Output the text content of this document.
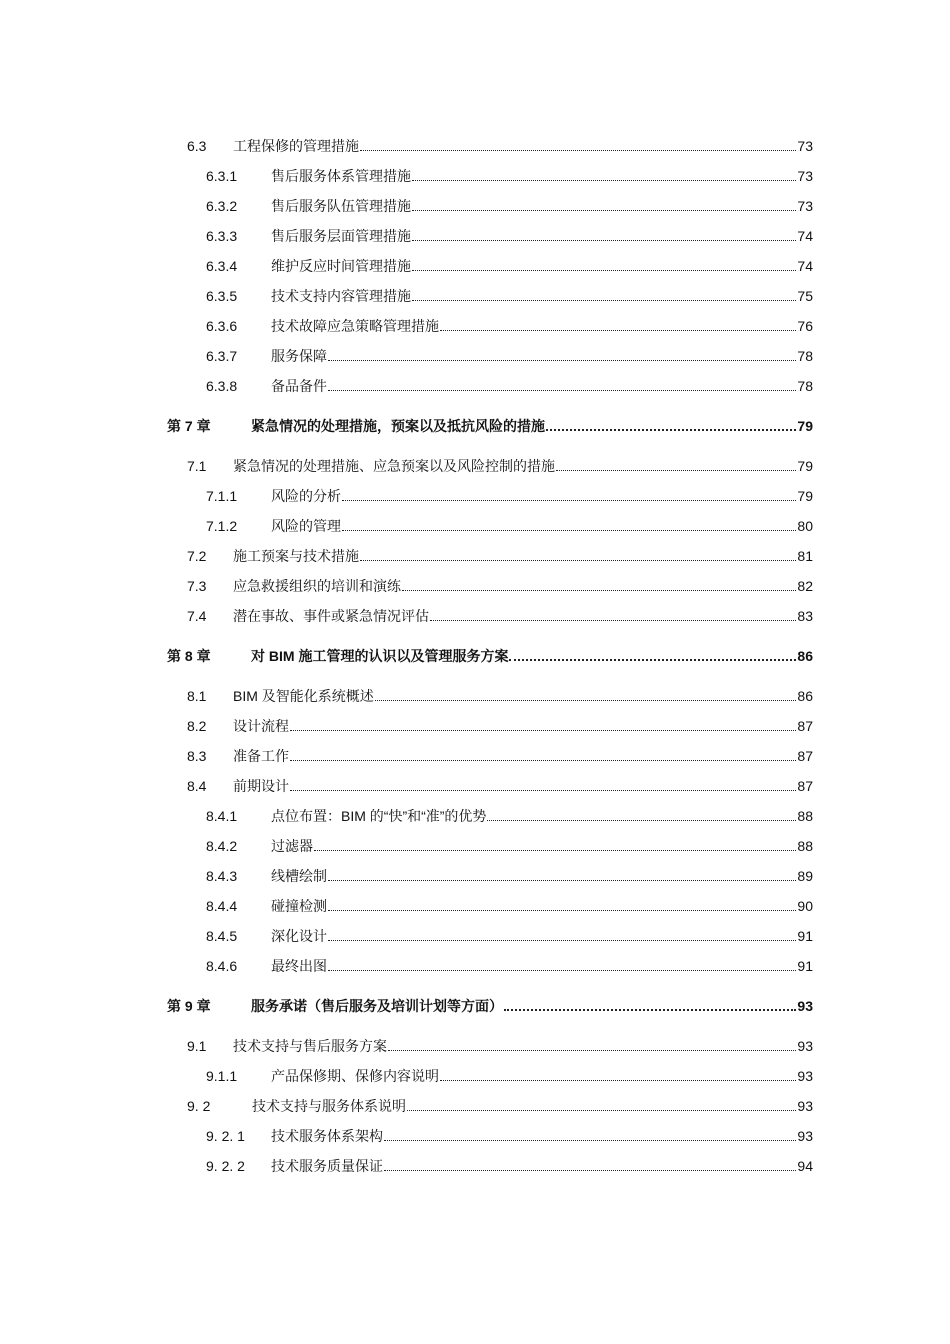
6.3	工程保修的管理措施	73
6.3.1	售后服务体系管理措施	73
6.3.2	售后服务队伍管理措施	73
6.3.3	售后服务层面管理措施	74
6.3.4	维护反应时间管理措施	74
6.3.5	技术支持内容管理措施	75
6.3.6	技术故障应急策略管理措施	76
6.3.7	服务保障	78
6.3.8	备品备件	78
第 7 章	紧急情况的处理措施，预案以及抵抗风险的措施	79
7.1	紧急情况的处理措施、应急预案以及风险控制的措施	79
7.1.1	风险的分析	79
7.1.2	风险的管理	80
7.2	施工预案与技术措施	81
7.3	应急救援组织的培训和演练	82
7.4	潜在事故、事件或紧急情况评估	83
第 8 章	对 BIM 施工管理的认识以及管理服务方案	86
8.1	BIM 及智能化系统概述	86
8.2	设计流程	87
8.3	准备工作	87
8.4	前期设计	87
8.4.1	点位布置：BIM 的“快”和“准”的优势	88
8.4.2	过滤器	88
8.4.3	线槽绘制	89
8.4.4	碰撞检测	90
8.4.5	深化设计	91
8.4.6	最终出图	91
第 9 章	服务承诺（售后服务及培训计划等方面）	93
9.1	技术支持与售后服务方案	93
9.1.1	产品保修期、保修内容说明	93
9. 2	技术支持与服务体系说明	93
9. 2. 1	技术服务体系架构	93
9. 2. 2	技术服务质量保证	94
